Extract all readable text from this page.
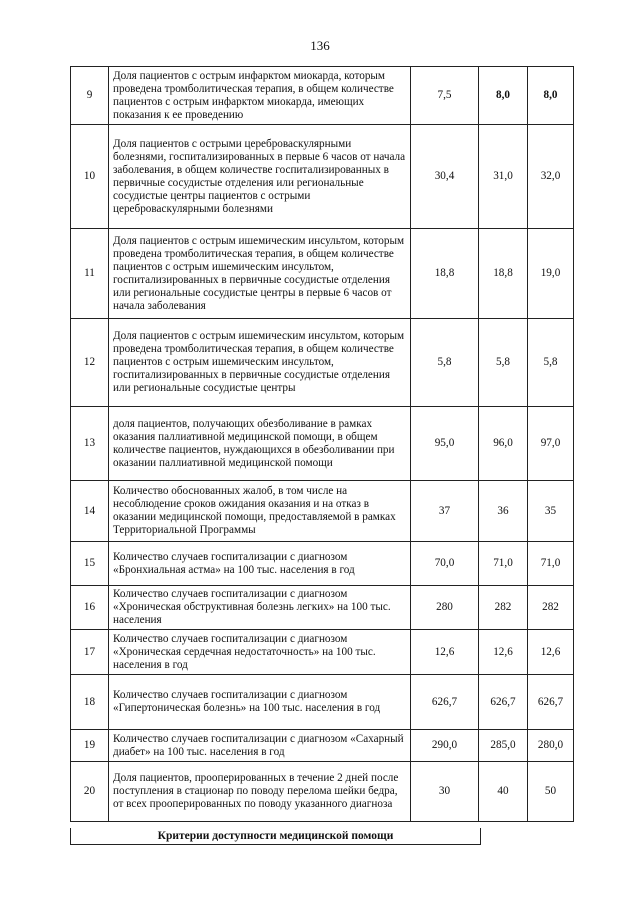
136
9	Доля пациентов с острым инфарктом миокарда, которым проведена тромболитическая терапия, в общем количестве пациентов с острым инфарктом миокарда, имеющих показания к ее проведению	7,5	8,0	8,0
10	Доля пациентов с острыми цереброваскулярными болезнями, госпитализированных в первые 6 часов от начала заболевания, в общем количестве госпитализированных в первичные сосудистые отделения или региональные сосудистые центры пациентов с острыми цереброваскулярными болезнями	30,4	31,0	32,0
11	Доля пациентов с острым ишемическим инсультом, которым проведена тромболитическая терапия, в общем количестве пациентов с острым ишемическим инсультом, госпитализированных в первичные сосудистые отделения или региональные сосудистые центры в первые 6 часов от начала заболевания	18,8	18,8	19,0
12	Доля пациентов с острым ишемическим инсультом, которым проведена тромболитическая терапия, в общем количестве пациентов с острым ишемическим инсультом, госпитализированных в первичные сосудистые отделения или региональные сосудистые центры	5,8	5,8	5,8
13	доля пациентов, получающих обезболивание в рамках оказания паллиативной медицинской помощи, в общем количестве пациентов, нуждающихся в обезболивании при оказании паллиативной медицинской помощи	95,0	96,0	97,0
14	Количество обоснованных жалоб, в том числе на несоблюдение сроков ожидания оказания и на отказ в оказании медицинской помощи, предоставляемой в рамках Территориальной Программы	37	36	35
15	Количество случаев госпитализации с диагнозом «Бронхиальная астма» на 100 тыс. населения в год	70,0	71,0	71,0
16	Количество случаев госпитализации с диагнозом «Хроническая обструктивная болезнь легких» на 100 тыс. населения	280	282	282
17	Количество случаев госпитализации с диагнозом «Хроническая сердечная недостаточность» на 100 тыс. населения в год	12,6	12,6	12,6
18	Количество случаев госпитализации с диагнозом «Гипертоническая болезнь» на 100 тыс. населения в год	626,7	626,7	626,7
19	Количество случаев госпитализации с диагнозом «Сахарный диабет» на 100 тыс. населения в год	290,0	285,0	280,0
20	Доля пациентов, прооперированных в течение 2 дней после поступления в стационар по поводу перелома шейки бедра, от всех прооперированных по поводу указанного диагноза	30	40	50
Критерии доступности медицинской помощи
